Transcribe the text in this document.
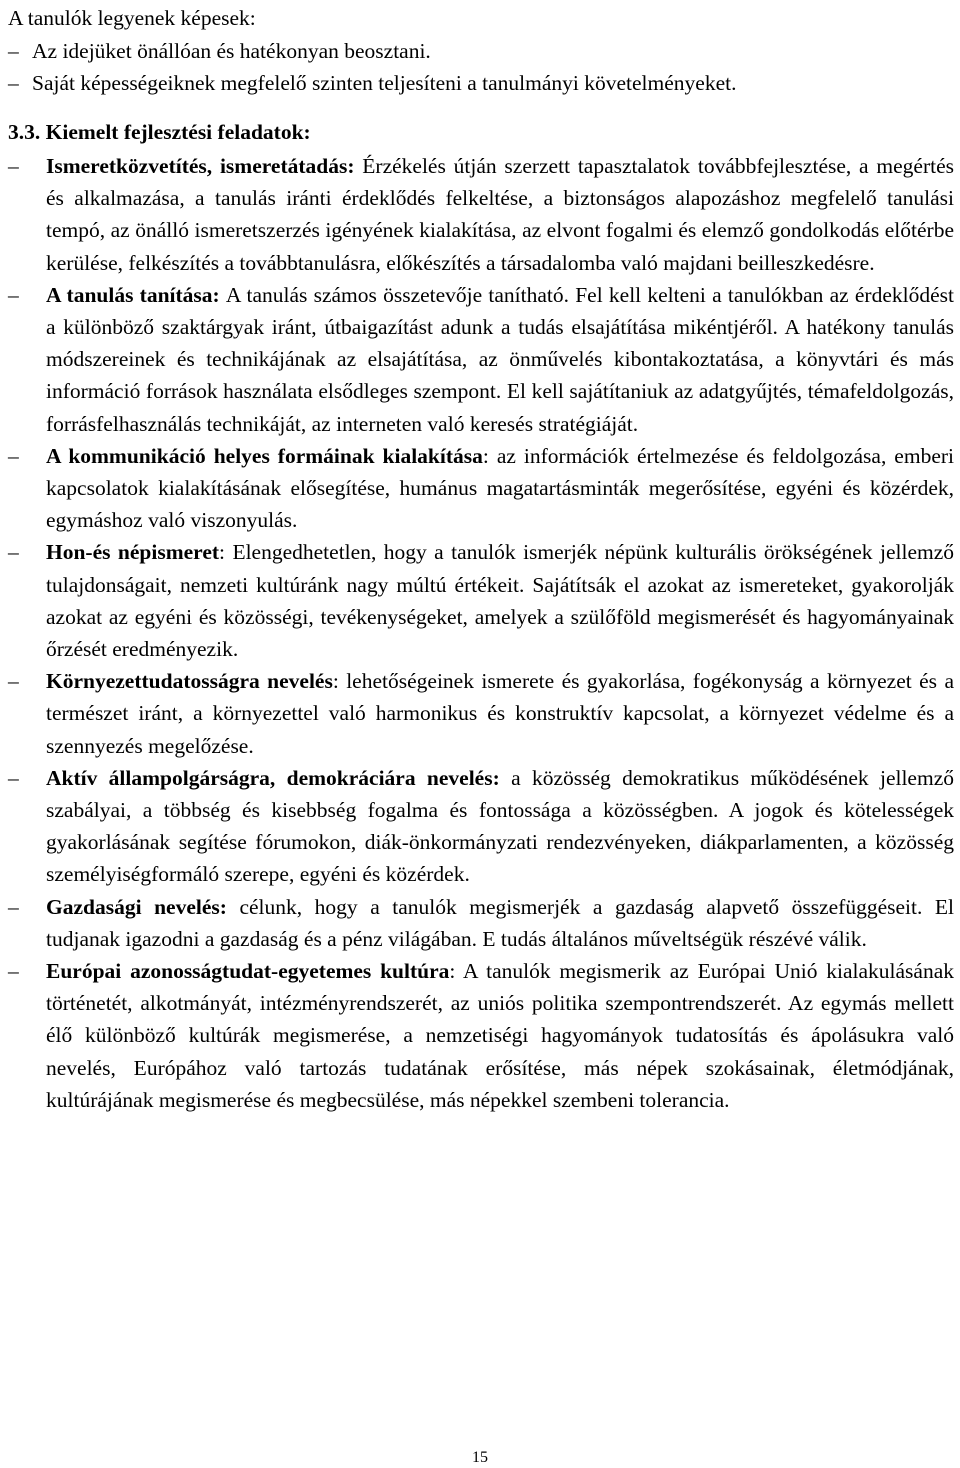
A tanulók legyenek képesek:
– Az idejüket önállóan és hatékonyan beosztani.
– Saját képességeiknek megfelelő szinten teljesíteni a tanulmányi követelményeket.
3.3. Kiemelt fejlesztési feladatok:

– Ismeretközvetítés, ismeretátadás: Érzékelés útján szerzett tapasztalatok továbbfejlesztése, a megértés és alkalmazása, a tanulás iránti érdeklődés felkeltése, a biztonságos alapozáshoz megfelelő tanulási tempó, az önálló ismeretszerzés igényének kialakítása, az elvont fogalmi és elemző gondolkodás előtérbe kerülése, felkészítés a továbbtanulásra, előkészítés a társadalomba való majdani beilleszkedésre.

– A tanulás tanítása: A tanulás számos összetevője tanítható. Fel kell kelteni a tanulókban az érdeklődést a különböző szaktárgyak iránt, útbaigazítást adunk a tudás elsajátítása mikéntjéről. A hatékony tanulás módszereinek és technikájának az elsajátítása, az önművelés kibontakoztatása, a könyvtári és más információ források használata elsődleges szempont. El kell sajátítaniuk az adatgyűjtés, témafeldolgozás, forrásfelhasználás technikáját, az interneten való keresés stratégiáját.

– A kommunikáció helyes formáinak kialakítása: az információk értelmezése és feldolgozása, emberi kapcsolatok kialakításának elősegítése, humánus magatartásminták megerősítése, egyéni és közérdek, egymáshoz való viszonyulás.

– Hon-és népismeret: Elengedhetetlen, hogy a tanulók ismerjék népünk kulturális örökségének jellemző tulajdonságait, nemzeti kultúránk nagy múltú értékeit. Sajátítsák el azokat az ismereteket, gyakorolják azokat az egyéni és közösségi, tevékenységeket, amelyek a szülőföld megismerését és hagyományainak őrzését eredményezik.

– Környezettudatosságra nevelés: lehetőségeinek ismerete és gyakorlása, fogékonyság a környezet és a természet iránt, a környezettel való harmonikus és konstruktív kapcsolat, a környezet védelme és a szennyezés megelőzése.

– Aktív állampolgárságra, demokráciára nevelés: a közösség demokratikus működésének jellemző szabályai, a többség és kisebbség fogalma és fontossága a közösségben. A jogok és kötelességek gyakorlásának segítése fórumokon, diák-önkormányzati rendezvényeken, diákparlamenten, a közösség személyiségformáló szerepe, egyéni és közérdek.

– Gazdasági nevelés: célunk, hogy a tanulók megismerjék a gazdaság alapvető összefüggéseit. El tudjanak igazodni a gazdaság és a pénz világában. E tudás általános műveltségük részévé válik.

– Európai azonosságtudat-egyetemes kultúra: A tanulók megismerik az Európai Unió kialakulásának történetét, alkotmányát, intézményrendszerét, az uniós politika szempontrendszerét. Az egymás mellett élő különböző kultúrák megismerése, a nemzetiségi hagyományok tudatosítás és ápolásukra való nevelés, Európához való tartozás tudatának erősítése, más népek szokásainak, életmódjának, kultúrájának megismerése és megbecsülése, más népekkel szembeni tolerancia.

15
